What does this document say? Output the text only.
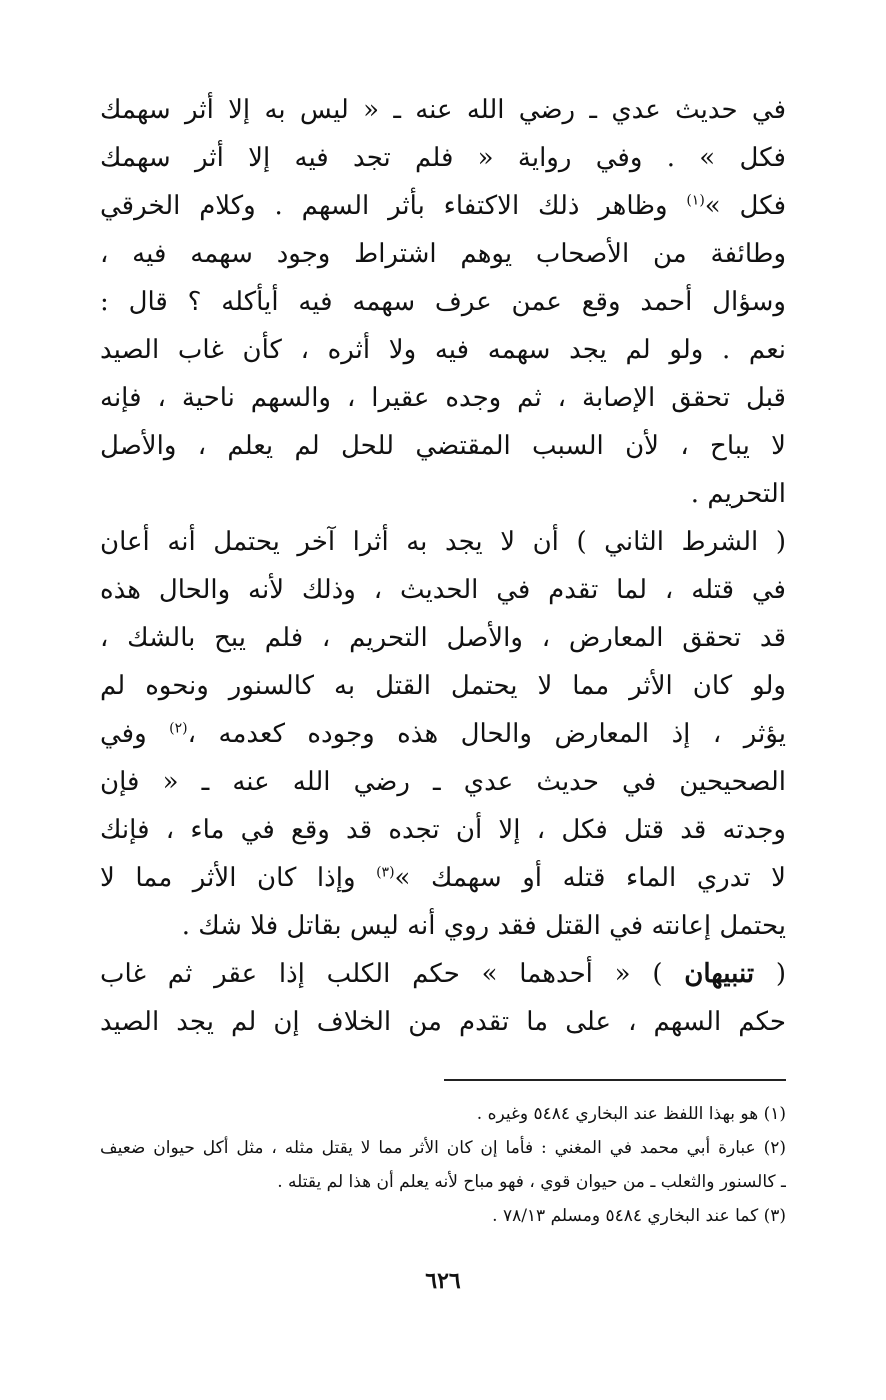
في حديث عدي ـ رضي الله عنه ـ « ليس به إلا أثر سهمك
فكل » . وفي رواية « فلم تجد فيه إلا أثر سهمك
فكل »$^{(١)}$ وظاهر ذلك الاكتفاء بأثر السهم . وكلام الخرقي
وطائفة من الأصحاب يوهم اشتراط وجود سهمه فيه ،
وسؤال أحمد وقع عمن عرف سهمه فيه أيأكله ؟ قال :
نعم . ولو لم يجد سهمه فيه ولا أثره ، كأن غاب الصيد
قبل تحقق الإصابة ، ثم وجده عقيرا ، والسهم ناحية ، فإنه
لا يباح ، لأن السبب المقتضي للحل لم يعلم ، والأصل
التحريم .
( الشرط الثاني ) أن لا يجد به أثرا آخر يحتمل أنه أعان
في قتله ، لما تقدم في الحديث ، وذلك لأنه والحال هذه
قد تحقق المعارض ، والأصل التحريم ، فلم يبح بالشك ،
ولو كان الأثر مما لا يحتمل القتل به كالسنور ونحوه لم
يؤثر ، إذ المعارض والحال هذه وجوده كعدمه ،$^{(٢)}$ وفي
الصحيحين في حديث عدي ـ رضي الله عنه ـ « فإن
وجدته قد قتل فكل ، إلا أن تجده قد وقع في ماء ، فإنك
لا تدري الماء قتله أو سهمك »$^{(٣)}$ وإذا كان الأثر مما لا
يحتمل إعانته في القتل فقد روي أنه ليس بقاتل فلا شك .
( تنبيهان ) « أحدهما » حكم الكلب إذا عقر ثم غاب
حكم السهم ، على ما تقدم من الخلاف إن لم يجد الصيد
(١) هو بهذا اللفظ عند البخاري ٥٤٨٤ وغيره .
(٢) عبارة أبي محمد في المغني : فأما إن كان الأثر مما لا يقتل مثله ، مثل أكل حيوان ضعيف
ـ كالسنور والثعلب ـ من حيوان قوي ، فهو مباح لأنه يعلم أن هذا لم يقتله .
(٣) كما عند البخاري ٥٤٨٤ ومسلم ٧٨/١٣ .
٦٢٦
